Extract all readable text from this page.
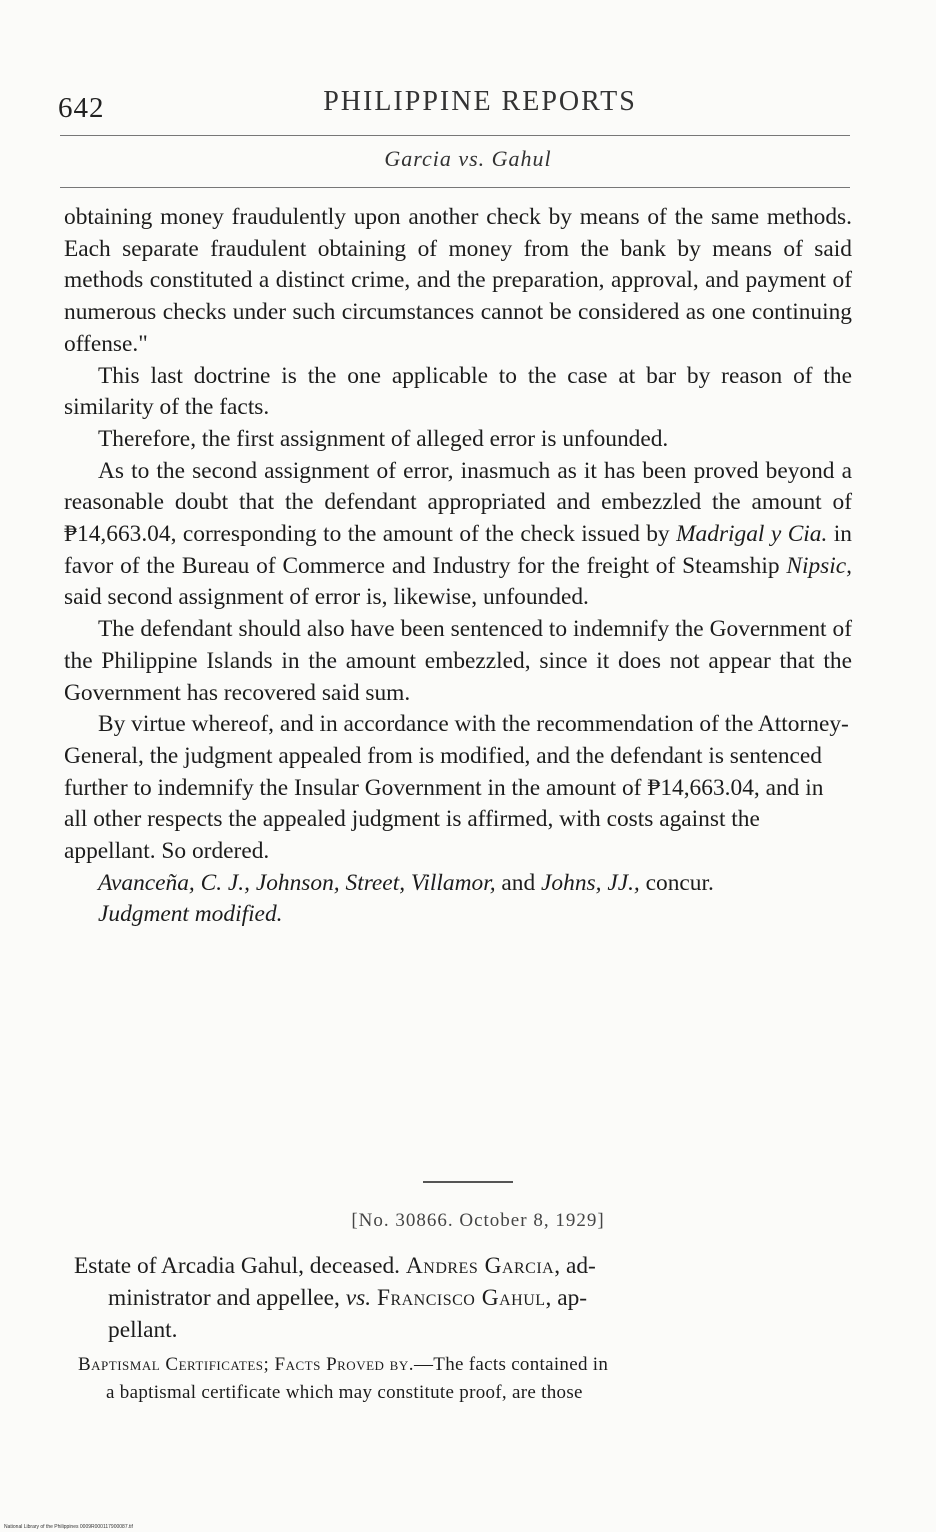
642	PHILIPPINE REPORTS
Garcia vs. Gahul

obtaining money fraudulently upon another check by means of the same methods. Each separate fraudulent obtaining of money from the bank by means of said methods constituted a distinct crime, and the preparation, approval, and payment of numerous checks under such circumstances cannot be considered as one continuing offense."

This last doctrine is the one applicable to the case at bar by reason of the similarity of the facts.

Therefore, the first assignment of alleged error is unfounded.

As to the second assignment of error, inasmuch as it has been proved beyond a reasonable doubt that the defendant appropriated and embezzled the amount of ₱14,663.04, corresponding to the amount of the check issued by Madrigal y Cia. in favor of the Bureau of Commerce and Industry for the freight of Steamship Nipsic, said second assignment of error is, likewise, unfounded.

The defendant should also have been sentenced to indemnify the Government of the Philippine Islands in the amount embezzled, since it does not appear that the Government has recovered said sum.

By virtue whereof, and in accordance with the recommendation of the Attorney-General, the judgment appealed from is modified, and the defendant is sentenced further to indemnify the Insular Government in the amount of ₱14,663.04, and in all other respects the appealed judgment is affirmed, with costs against the appellant. So ordered.

Avanceña, C. J., Johnson, Street, Villamor, and Johns, JJ., concur.

Judgment modified.

[No. 30866. October 8, 1929]
Estate of Arcadia Gahul, deceased. Andres Garcia, ad-
ministrator and appellee, vs. Francisco Gahul, ap-
pellant.
Baptismal Certificates; Facts Proved by.—The facts contained in
a baptismal certificate which may constitute proof, are those
National Library of the Philippines 0009R000117900087.tif
